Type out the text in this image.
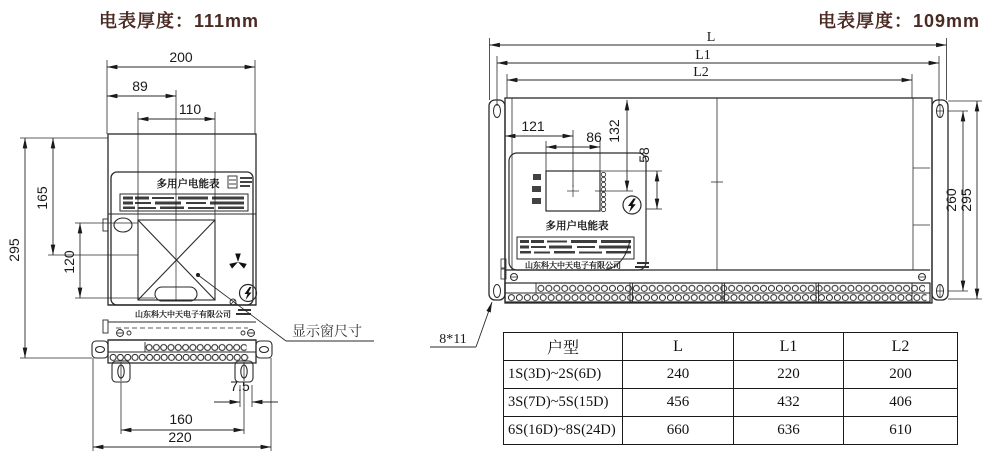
电表厚度：111mm	电表厚度：109mm
200
89
110
295
165
120
160
220
7.5
多用户电能表
山东科大中天电子有限公司
显示窗尺寸
L
L1
L2
121
86 132
58
260 295
多用户电能表
山东科大中天电子有限公司
8*11
户型	L	L1	L2
1S(3D)~2S(6D)	240	220	200
3S(7D)~5S(15D)	456	432	406
6S(16D)~8S(24D)	660	636	610
